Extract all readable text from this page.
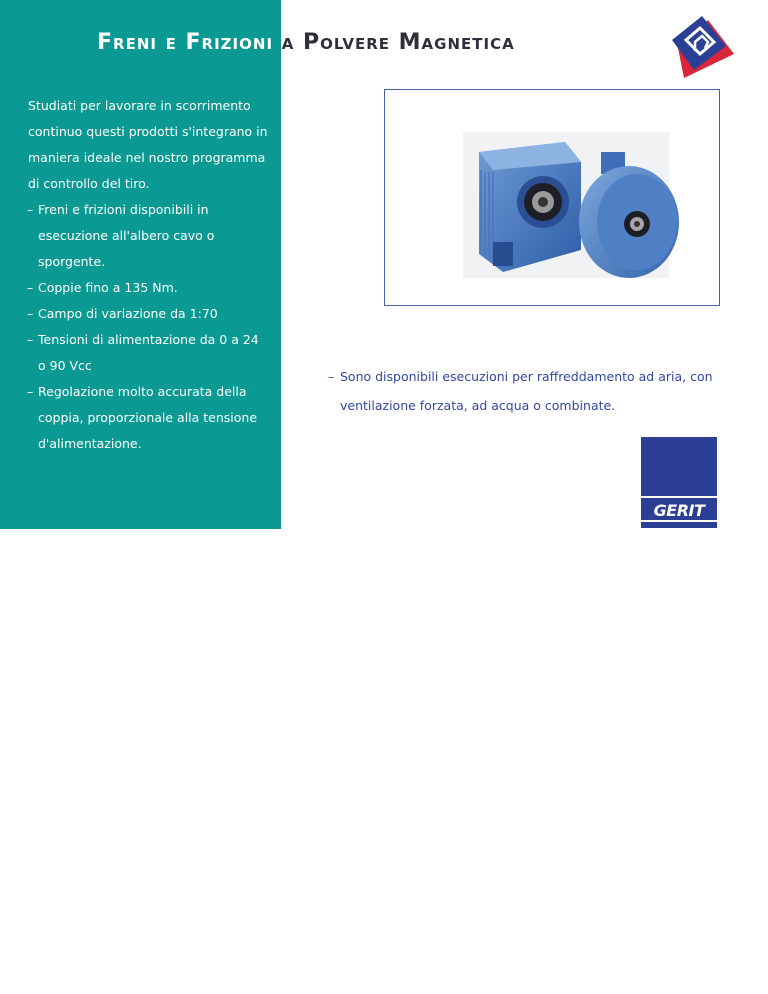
Freni e Frizioni a Polvere Magnetica

Studiati per lavorare in scorrimento continuo questi prodotti s'integrano in maniera ideale nel nostro programma di controllo del tiro.

– Freni e frizioni disponibili in esecuzione all'albero cavo o sporgente.
– Coppie fino a 135 Nm.
– Campo di variazione da 1:70
– Tensioni di alimentazione da 0 a 24 o 90 Vcc
– Regolazione molto accurata della coppia, proporzionale alla tensione d'alimentazione.

– Sono disponibili esecuzioni per raffreddamento ad aria, con ventilazione forzata, ad acqua o combinate.

GERIT
